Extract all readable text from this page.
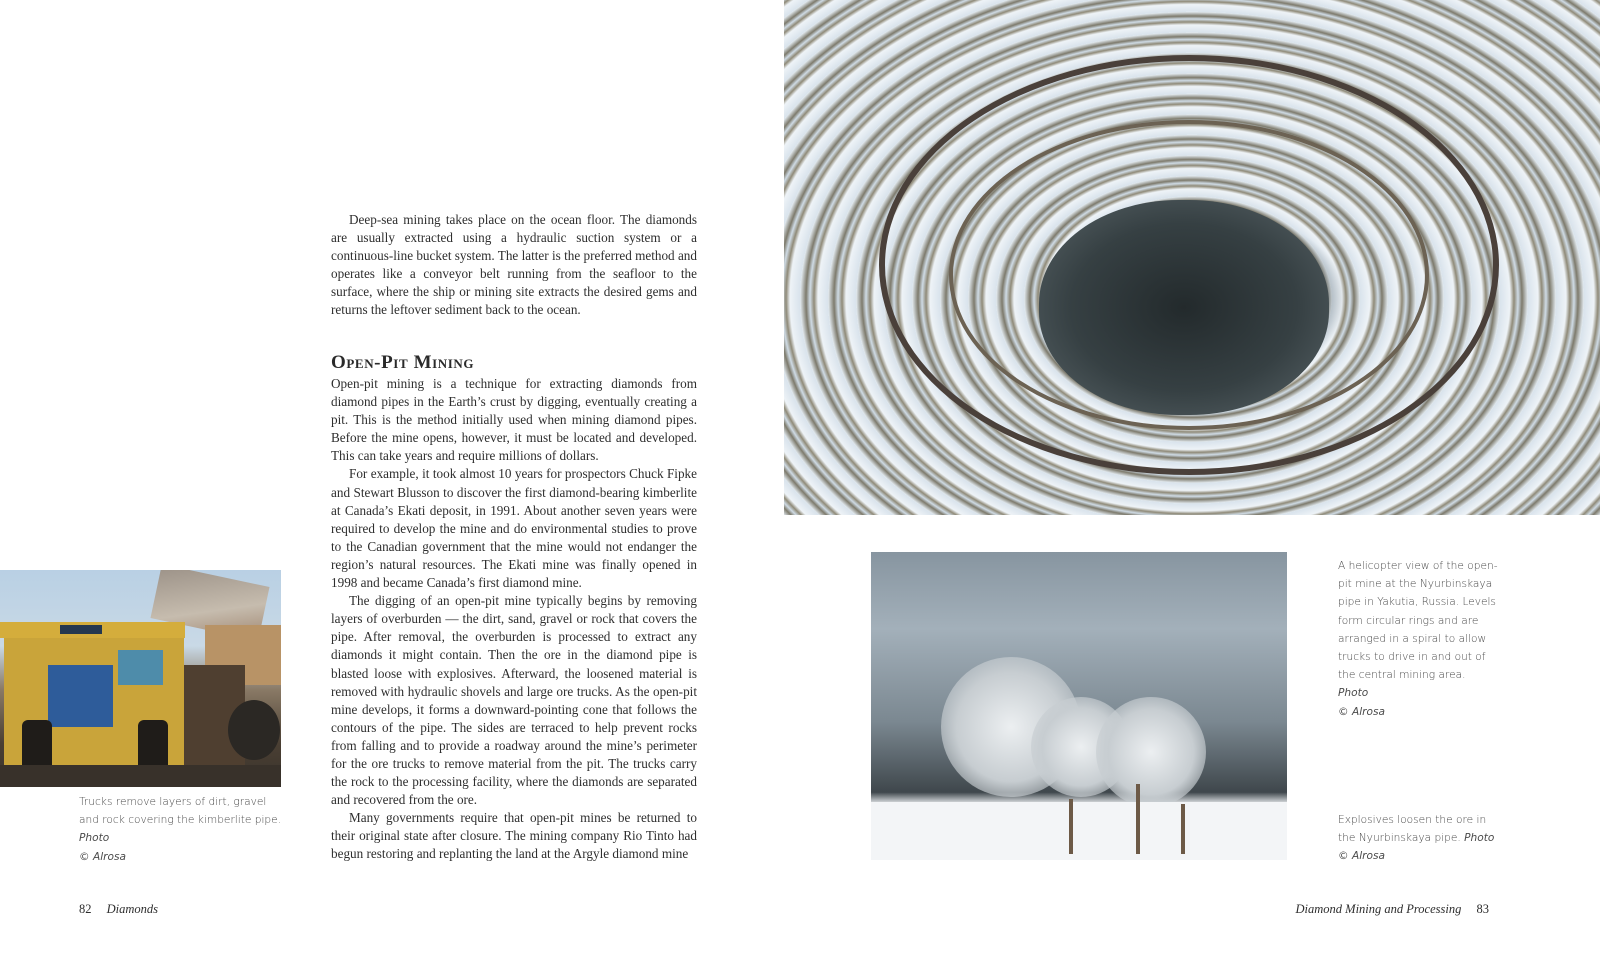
Deep-sea mining takes place on the ocean floor. The diamonds are usually extracted using a hydraulic suction system or a continuous-line bucket system. The latter is the preferred method and operates like a conveyor belt running from the seafloor to the surface, where the ship or mining site extracts the desired gems and returns the leftover sediment back to the ocean.

Open-Pit Mining

Open-pit mining is a technique for extracting diamonds from diamond pipes in the Earth’s crust by digging, eventually creating a pit. This is the method initially used when mining diamond pipes. Before the mine opens, however, it must be located and developed. This can take years and require millions of dollars.

For example, it took almost 10 years for prospectors Chuck Fipke and Stewart Blusson to discover the first diamond-bearing kimberlite at Canada’s Ekati deposit, in 1991. About another seven years were required to develop the mine and do environmental studies to prove to the Canadian government that the mine would not endanger the region’s natural resources. The Ekati mine was finally opened in 1998 and became Canada’s first diamond mine.

The digging of an open-pit mine typically begins by removing layers of overburden — the dirt, sand, gravel or rock that covers the pipe. After removal, the overburden is processed to extract any diamonds it might contain. Then the ore in the diamond pipe is blasted loose with explosives. Afterward, the loosened material is removed with hydraulic shovels and large ore trucks. As the open-pit mine develops, it forms a downward-pointing cone that follows the contours of the pipe. The sides are terraced to help prevent rocks from falling and to provide a roadway around the mine’s perimeter for the ore trucks to remove material from the pit. The trucks carry the rock to the processing facility, where the diamonds are separated and recovered from the ore.

Many governments require that open-pit mines be returned to their original state after closure. The mining company Rio Tinto had begun restoring and replanting the land at the Argyle diamond mine

Trucks remove layers of dirt, gravel and rock covering the kimberlite pipe. Photo
© Alrosa
82 Diamonds
A helicopter view of the open-pit mine at the Nyurbinskaya pipe in Yakutia, Russia. Levels form circular rings and are arranged in a spiral to allow trucks to drive in and out of the central mining area. Photo
© Alrosa
Explosives loosen the ore in the Nyurbinskaya pipe. Photo
© Alrosa
Diamond Mining and Processing 83
